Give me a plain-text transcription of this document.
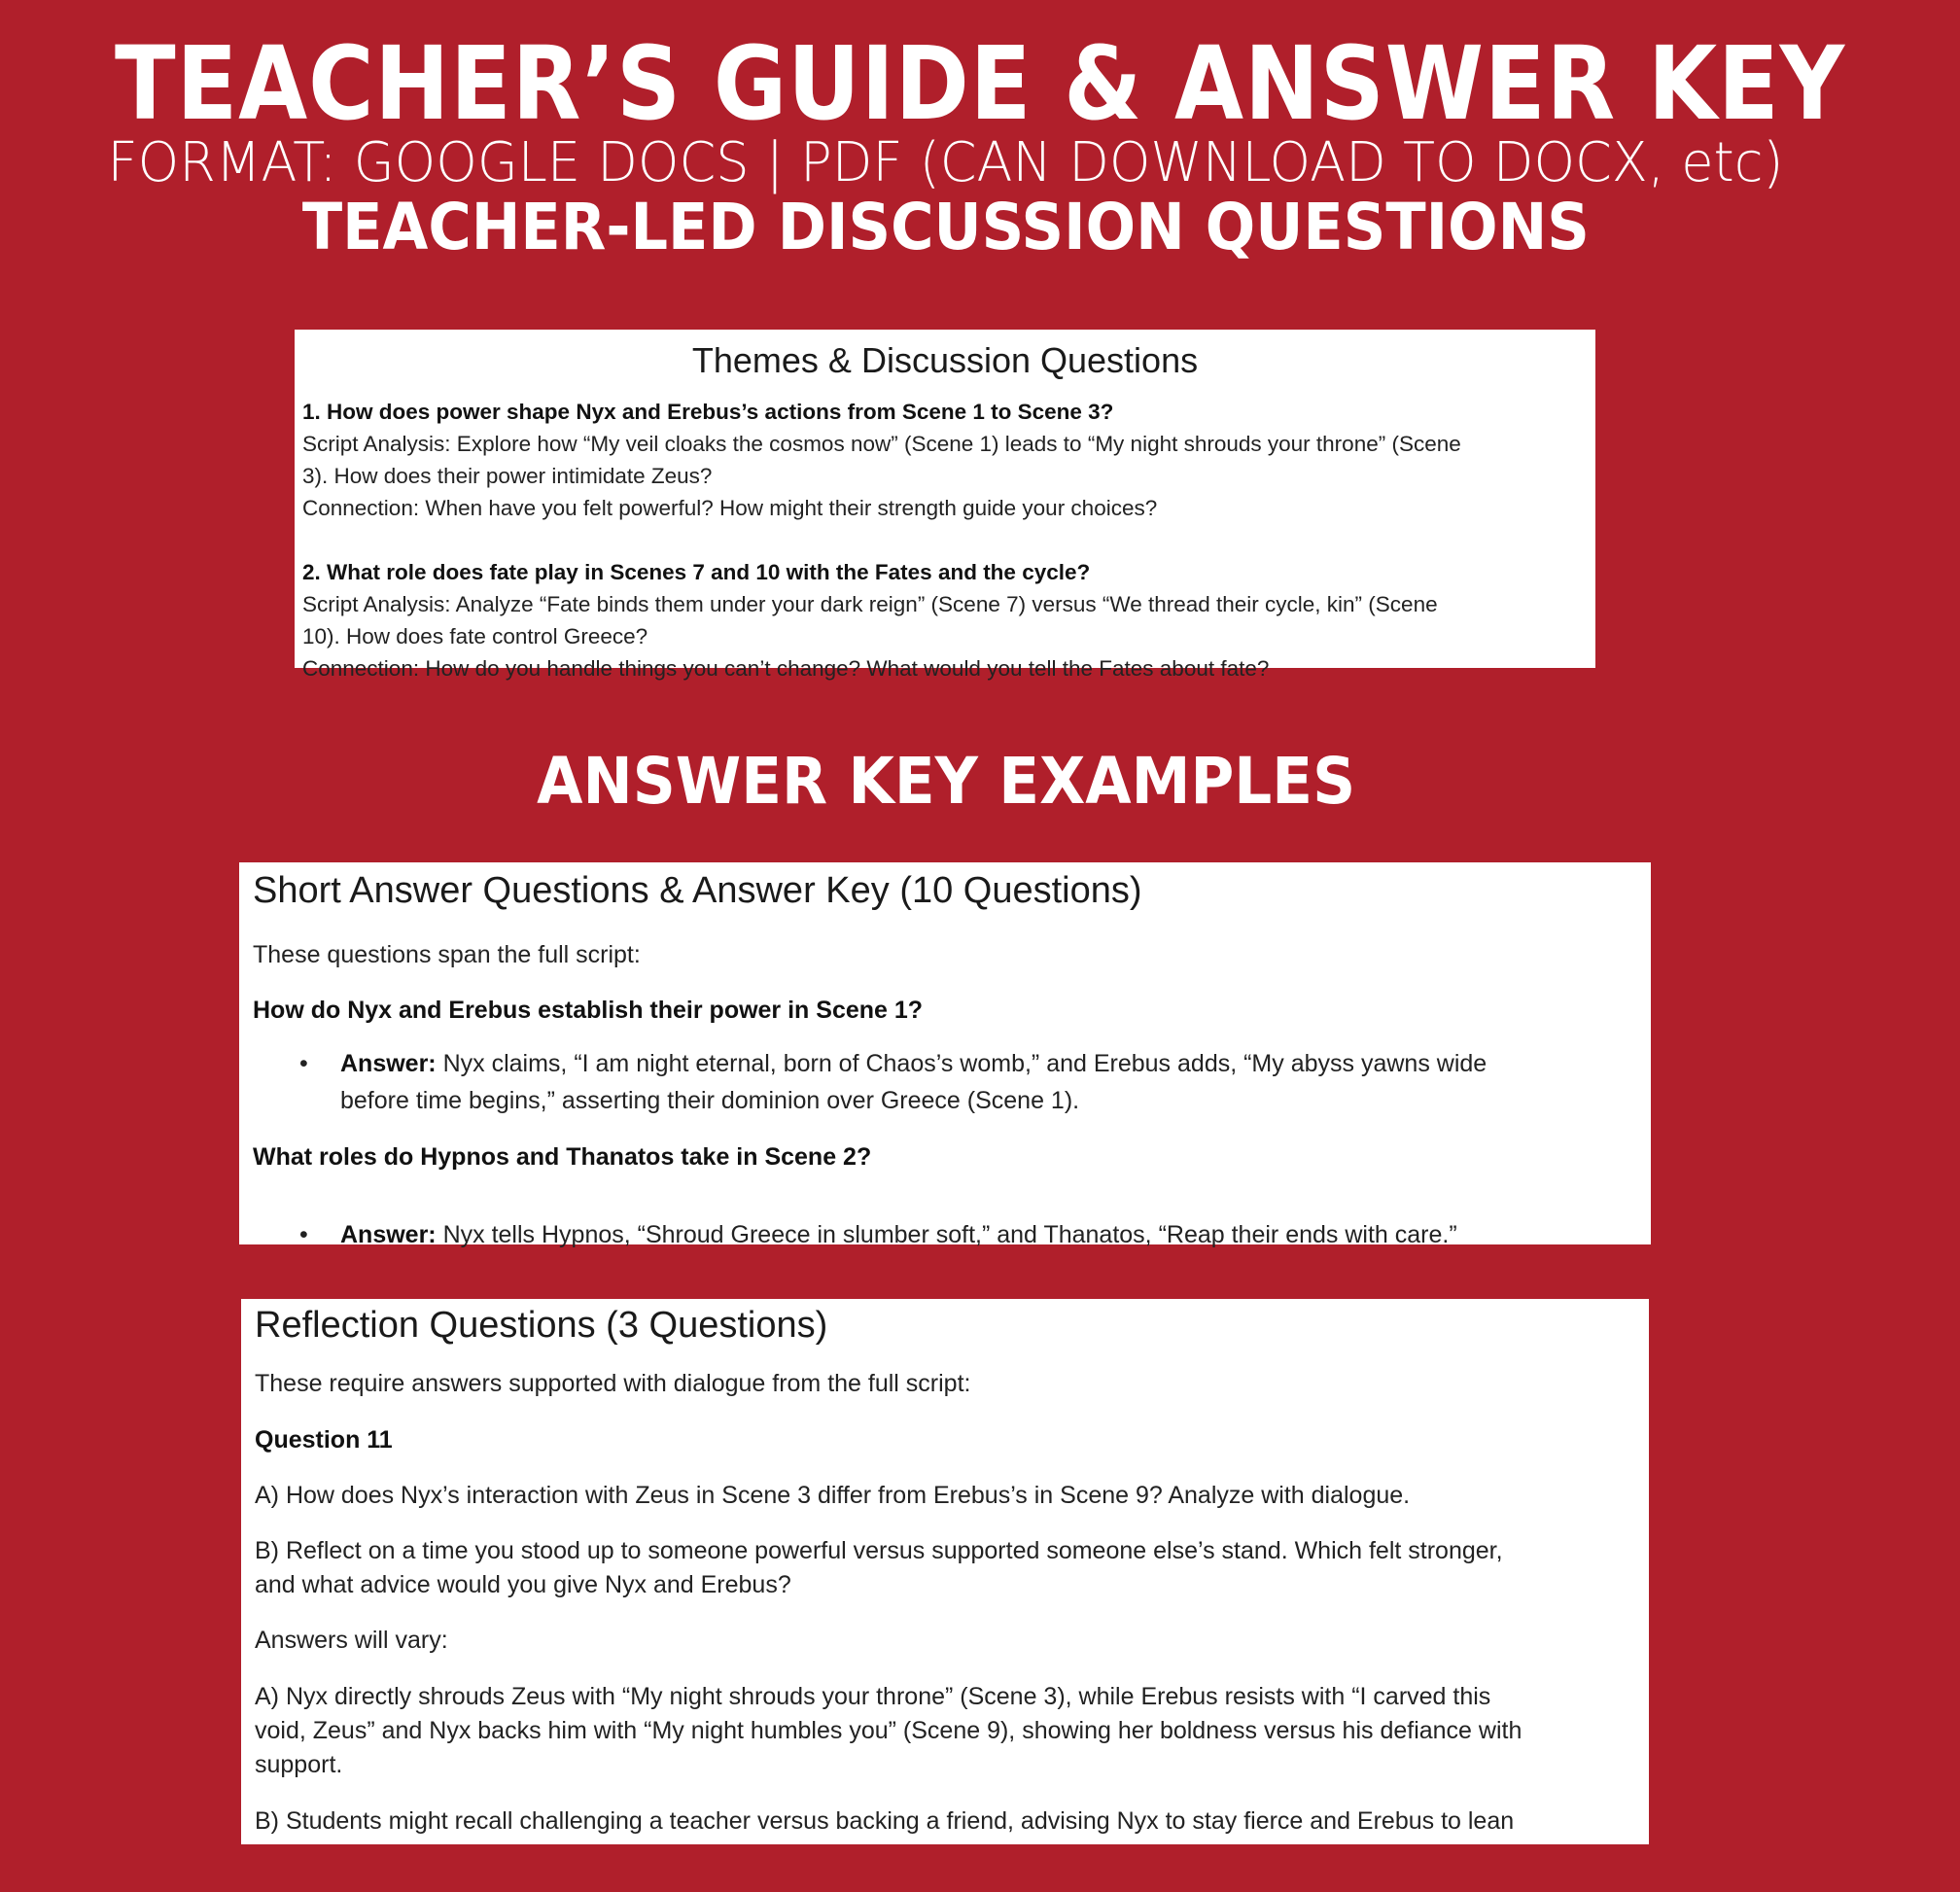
TEACHER’S GUIDE & ANSWER KEY

FORMAT: GOOGLE DOCS | PDF (CAN DOWNLOAD TO DOCX, etc)

TEACHER-LED DISCUSSION QUESTIONS
Themes & Discussion Questions
1. How does power shape Nyx and Erebus’s actions from Scene 1 to Scene 3?
Script Analysis: Explore how “My veil cloaks the cosmos now” (Scene 1) leads to “My night shrouds your throne” (Scene
3). How does their power intimidate Zeus?
Connection: When have you felt powerful? How might their strength guide your choices?
2. What role does fate play in Scenes 7 and 10 with the Fates and the cycle?
Script Analysis: Analyze “Fate binds them under your dark reign” (Scene 7) versus “We thread their cycle, kin” (Scene
10). How does fate control Greece?
Connection: How do you handle things you can’t change? What would you tell the Fates about fate?
ANSWER KEY EXAMPLES
Short Answer Questions & Answer Key (10 Questions)
These questions span the full script:
How do Nyx and Erebus establish their power in Scene 1?
• Answer: Nyx claims, “I am night eternal, born of Chaos’s womb,” and Erebus adds, “My abyss yawns wide
before time begins,” asserting their dominion over Greece (Scene 1).
What roles do Hypnos and Thanatos take in Scene 2?
• Answer: Nyx tells Hypnos, “Shroud Greece in slumber soft,” and Thanatos, “Reap their ends with care.”
Reflection Questions (3 Questions)
These require answers supported with dialogue from the full script:
Question 11
A) How does Nyx’s interaction with Zeus in Scene 3 differ from Erebus’s in Scene 9? Analyze with dialogue.
B) Reflect on a time you stood up to someone powerful versus supported someone else’s stand. Which felt stronger,
and what advice would you give Nyx and Erebus?
Answers will vary:
A) Nyx directly shrouds Zeus with “My night shrouds your throne” (Scene 3), while Erebus resists with “I carved this
void, Zeus” and Nyx backs him with “My night humbles you” (Scene 9), showing her boldness versus his defiance with
support.
B) Students might recall challenging a teacher versus backing a friend, advising Nyx to stay fierce and Erebus to lean
